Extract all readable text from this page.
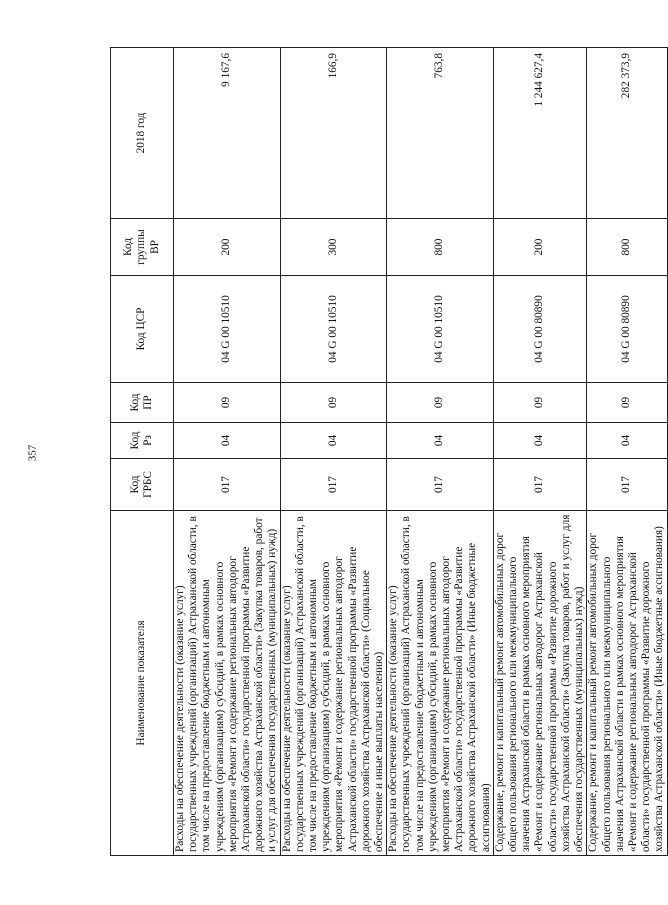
357
Наименование показателя	Код ГРБС	Код Рз	Код ПР	Код ЦСР	Код группы ВР	2018 год
Расходы на обеспечение деятельности (оказание услуг) государственных учреждений (организаций) Астраханской области, в том числе на предоставление бюджетным и автономным учреждениям (организациям) субсидий, в рамках основного мероприятия «Ремонт и содержание региональных автодорог Астраханской области» государственной программы «Развитие дорожного хозяйства Астраханской области» (Закупка товаров, работ и услуг для обеспечения государственных (муниципальных) нужд)	017	04	09	04 G 00 10510	200	9 167,6
Расходы на обеспечение деятельности (оказание услуг) государственных учреждений (организаций) Астраханской области, в том числе на предоставление бюджетным и автономным учреждениям (организациям) субсидий, в рамках основного мероприятия «Ремонт и содержание региональных автодорог Астраханской области» государственной программы «Развитие дорожного хозяйства Астраханской области» (Социальное обеспечение и иные выплаты населению)	017	04	09	04 G 00 10510	300	166,9
Расходы на обеспечение деятельности (оказание услуг) государственных учреждений (организаций) Астраханской области, в том числе на предоставление бюджетным и автономным учреждениям (организациям) субсидий, в рамках основного мероприятия «Ремонт и содержание региональных автодорог Астраханской области» государственной программы «Развитие дорожного хозяйства Астраханской области» (Иные бюджетные ассигнования)	017	04	09	04 G 00 10510	800	763,8
Содержание, ремонт и капитальный ремонт автомобильных дорог общего пользования регионального или межмуниципального значения Астраханской области в рамках основного мероприятия «Ремонт и содержание региональных автодорог Астраханской области» государственной программы «Развитие дорожного хозяйства Астраханской области» (Закупка товаров, работ и услуг для обеспечения государственных (муниципальных) нужд)	017	04	09	04 G 00 80890	200	1 244 627,4
Содержание, ремонт и капитальный ремонт автомобильных дорог общего пользования регионального или межмуниципального значения Астраханской области в рамках основного мероприятия «Ремонт и содержание региональных автодорог Астраханской области» государственной программы «Развитие дорожного хозяйства Астраханской области» (Иные бюджетные ассигнования)	017	04	09	04 G 00 80890	800	282 373,9
